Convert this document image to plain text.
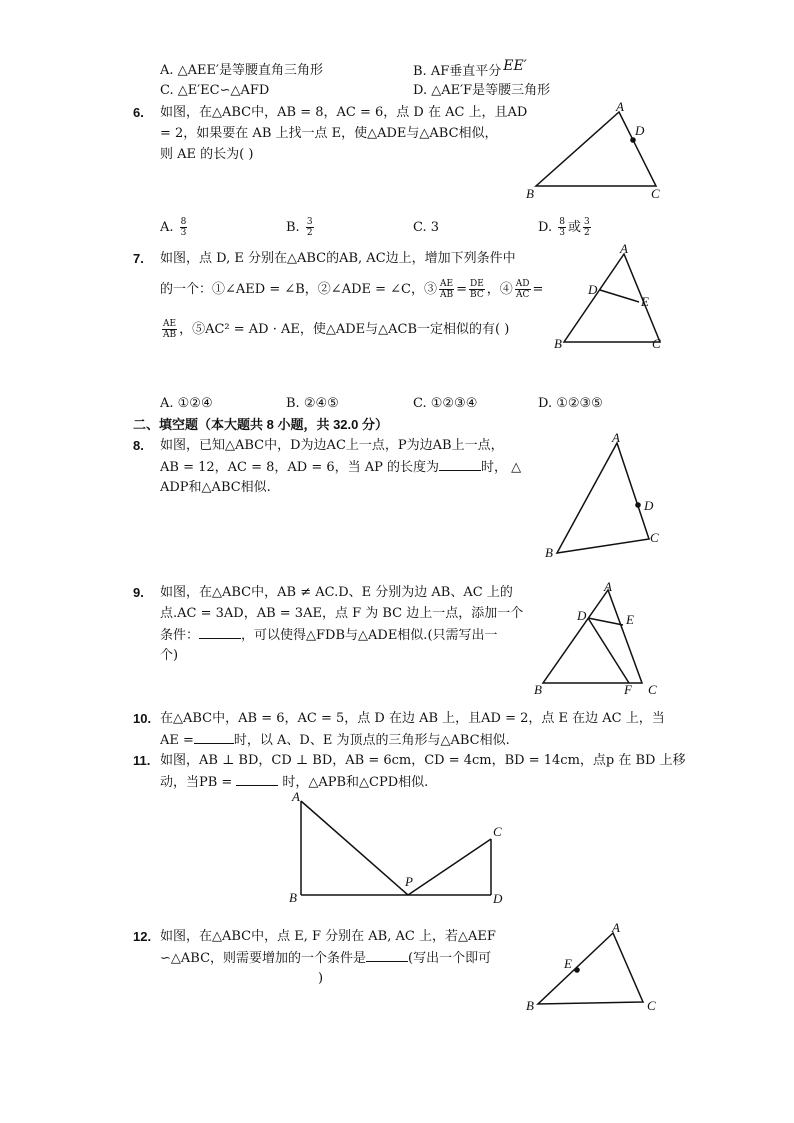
A. △AEE′是等腰直角三角形	B. AF垂直平分 EE′
C. △E′EC∽△AFD	D. △AE′F是等腰三角形
6. 如图，在△ABC中，AB = 8，AC = 6，点 D 在 AC 上，且AD
= 2，如果要在 AB 上找一点 E，使△ADE与△ABC相似，
则 AE 的长为( )
A
D
B	C
A. $\frac{8}{3}$	B. $\frac{3}{2}$	C. 3	D. $\frac{8}{3}$ 或 $\frac{3}{2}$
7. 如图，点 D, E 分别在△ABC的AB, AC边上，增加下列条件中
的一个：①∠AED = ∠B，②∠ADE = ∠C，③ $\frac{AE}{AB} = \frac{DE}{BC}$ ，④ $\frac{AD}{AC}$ =
$\frac{AE}{AB}$ ，⑤AC² = AD · AE，使△ADE与△ACB一定相似的有( )
A
D
E
B	C
A. ①②④	B. ②④⑤	C. ①②③④	D. ①②③⑤
二、填空题（本大题共 8 小题，共 32.0 分）
8. 如图，已知△ABC中，D为边AC上一点，P为边AB上一点，
AB = 12，AC = 8，AD = 6，当 AP 的长度为	时， △
ADP和△ABC相似.
A
D
B
C
9. 如图，在△ABC中，AB ≠ AC.D、E 分别为边 AB、AC 上的
点.AC = 3AD，AB = 3AE，点 F 为 BC 边上一点，添加一个
条件：	，可以使得△FDB与△ADE相似.(只需写出一
个)
A
D	E
B	F C
10. 在△ABC中，AB = 6，AC = 5，点 D 在边 AB 上，且AD = 2，点 E 在边 AC 上，当
AE =	时，以 A、D、E 为顶点的三角形与△ABC相似.
11. 如图，AB ⊥ BD，CD ⊥ BD，AB = 6cm，CD = 4cm，BD = 14cm，点p 在 BD 上移
动，当PB =	时，△APB和△CPD相似.
A
B
P
C
D
12. 如图，在△ABC中，点 E, F 分别在 AB, AC 上，若△AEF
∽△ABC，则需要增加的一个条件是	(写出一个即可
)
A
E
B	C
